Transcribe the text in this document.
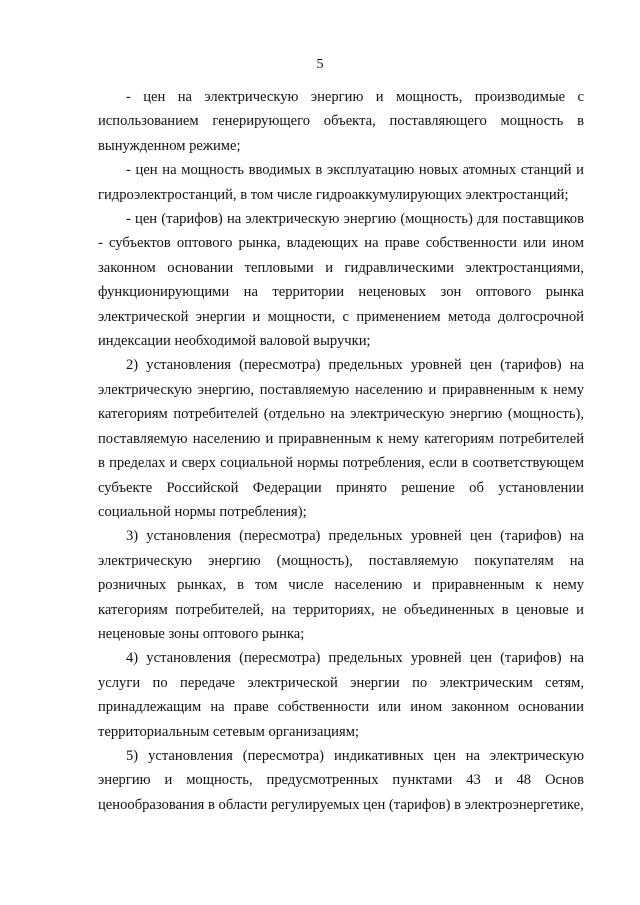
5

- цен на электрическую энергию и мощность, производимые с использованием генерирующего объекта, поставляющего мощность в вынужденном режиме;

- цен на мощность вводимых в эксплуатацию новых атомных станций и гидроэлектростанций, в том числе гидроаккумулирующих электростанций;

- цен (тарифов) на электрическую энергию (мощность) для поставщиков - субъектов оптового рынка, владеющих на праве собственности или ином законном основании тепловыми и гидравлическими электростанциями, функционирующими на территории неценовых зон оптового рынка электрической энергии и мощности, с применением метода долгосрочной индексации необходимой валовой выручки;

2) установления (пересмотра) предельных уровней цен (тарифов) на электрическую энергию, поставляемую населению и приравненным к нему категориям потребителей (отдельно на электрическую энергию (мощность), поставляемую населению и приравненным к нему категориям потребителей в пределах и сверх социальной нормы потребления, если в соответствующем субъекте Российской Федерации принято решение об установлении социальной нормы потребления);

3) установления (пересмотра) предельных уровней цен (тарифов) на электрическую энергию (мощность), поставляемую покупателям на розничных рынках, в том числе населению и приравненным к нему категориям потребителей, на территориях, не объединенных в ценовые и неценовые зоны оптового рынка;

4) установления (пересмотра) предельных уровней цен (тарифов) на услуги по передаче электрической энергии по электрическим сетям, принадлежащим на праве собственности или ином законном основании территориальным сетевым организациям;

5) установления (пересмотра) индикативных цен на электрическую энергию и мощность, предусмотренных пунктами 43 и 48 Основ ценообразования в области регулируемых цен (тарифов) в электроэнергетике,
